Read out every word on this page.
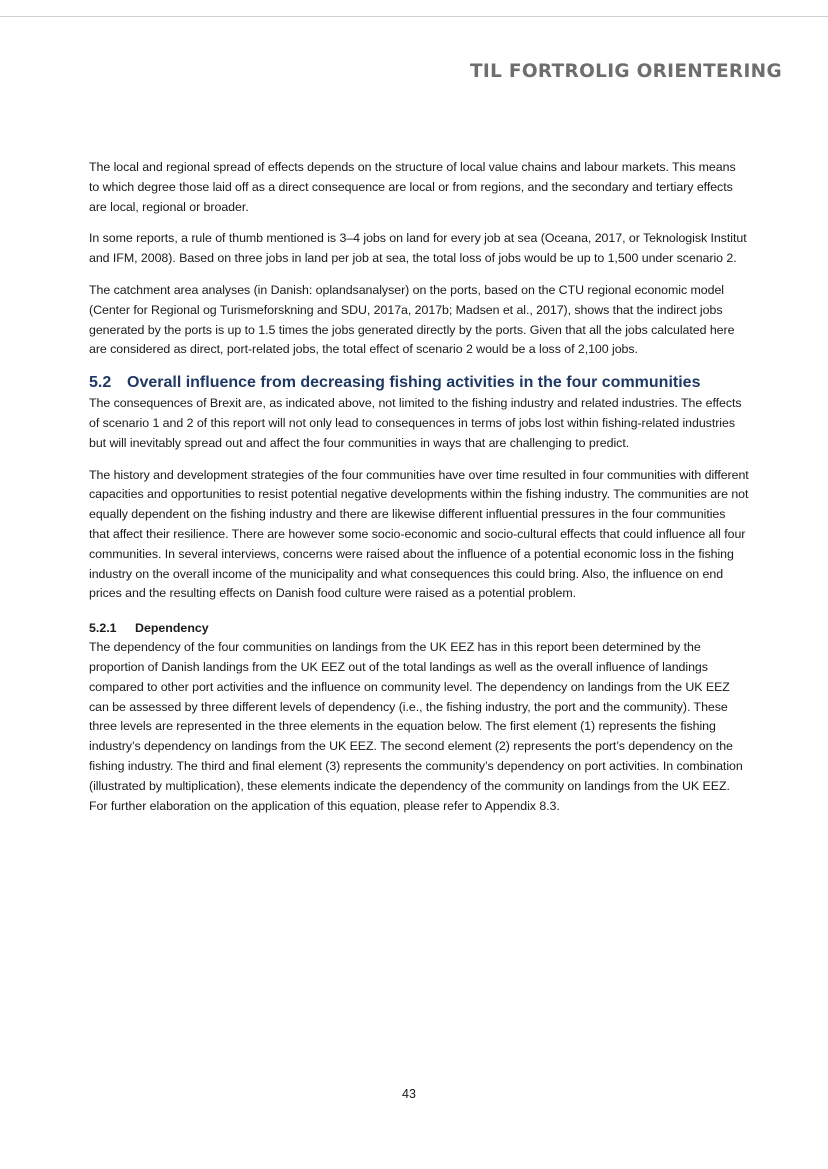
TIL FORTROLIG ORIENTERING

The local and regional spread of effects depends on the structure of local value chains and labour markets. This means to which degree those laid off as a direct consequence are local or from regions, and the secondary and tertiary effects are local, regional or broader.

In some reports, a rule of thumb mentioned is 3–4 jobs on land for every job at sea (Oceana, 2017, or Teknologisk Institut and IFM, 2008). Based on three jobs in land per job at sea, the total loss of jobs would be up to 1,500 under scenario 2.

The catchment area analyses (in Danish: oplandsanalyser) on the ports, based on the CTU regional economic model (Center for Regional og Turismeforskning and SDU, 2017a, 2017b; Madsen et al., 2017), shows that the indirect jobs generated by the ports is up to 1.5 times the jobs generated directly by the ports. Given that all the jobs calculated here are considered as direct, port-related jobs, the total effect of scenario 2 would be a loss of 2,100 jobs.

5.2 Overall influence from decreasing fishing activities in the four communities

The consequences of Brexit are, as indicated above, not limited to the fishing industry and related industries. The effects of scenario 1 and 2 of this report will not only lead to consequences in terms of jobs lost within fishing-related industries but will inevitably spread out and affect the four communities in ways that are challenging to predict.

The history and development strategies of the four communities have over time resulted in four communities with different capacities and opportunities to resist potential negative developments within the fishing industry. The communities are not equally dependent on the fishing industry and there are likewise different influential pressures in the four communities that affect their resilience. There are however some socio-economic and socio-cultural effects that could influence all four communities. In several interviews, concerns were raised about the influence of a potential economic loss in the fishing industry on the overall income of the municipality and what consequences this could bring. Also, the influence on end prices and the resulting effects on Danish food culture were raised as a potential problem.

5.2.1 Dependency

The dependency of the four communities on landings from the UK EEZ has in this report been determined by the proportion of Danish landings from the UK EEZ out of the total landings as well as the overall influence of landings compared to other port activities and the influence on community level. The dependency on landings from the UK EEZ can be assessed by three different levels of dependency (i.e., the fishing industry, the port and the community). These three levels are represented in the three elements in the equation below. The first element (1) represents the fishing industry’s dependency on landings from the UK EEZ. The second element (2) represents the port’s dependency on the fishing industry. The third and final element (3) represents the community’s dependency on port activities. In combination (illustrated by multiplication), these elements indicate the dependency of the community on landings from the UK EEZ. For further elaboration on the application of this equation, please refer to Appendix 8.3.

43
